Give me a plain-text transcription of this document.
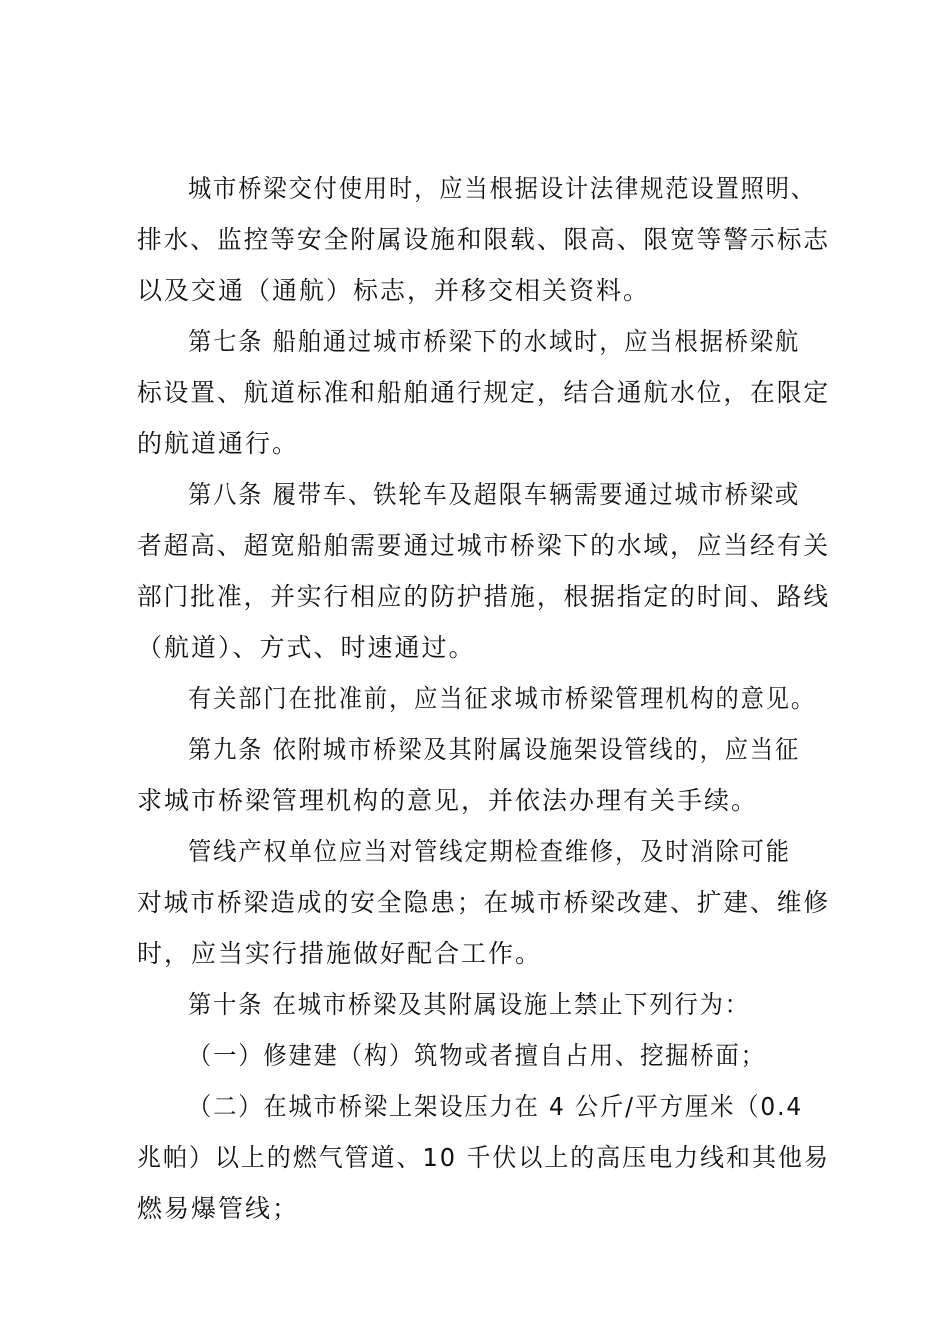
城市桥梁交付使用时，应当根据设计法律规范设置照明、
排水、监控等安全附属设施和限载、限高、限宽等警示标志
以及交通（通航）标志，并移交相关资料。
第七条 船舶通过城市桥梁下的水域时，应当根据桥梁航
标设置、航道标准和船舶通行规定，结合通航水位，在限定
的航道通行。
第八条 履带车、铁轮车及超限车辆需要通过城市桥梁或
者超高、超宽船舶需要通过城市桥梁下的水域，应当经有关
部门批准，并实行相应的防护措施，根据指定的时间、路线
（航道）、方式、时速通过。
有关部门在批准前，应当征求城市桥梁管理机构的意见。
第九条 依附城市桥梁及其附属设施架设管线的，应当征
求城市桥梁管理机构的意见，并依法办理有关手续。
管线产权单位应当对管线定期检查维修，及时消除可能
对城市桥梁造成的安全隐患；在城市桥梁改建、扩建、维修
时，应当实行措施做好配合工作。
第十条 在城市桥梁及其附属设施上禁止下列行为：
（一）修建建（构）筑物或者擅自占用、挖掘桥面；
（二）在城市桥梁上架设压力在 4 公斤/平方厘米（0.4
兆帕）以上的燃气管道、10 千伏以上的高压电力线和其他易
燃易爆管线；
